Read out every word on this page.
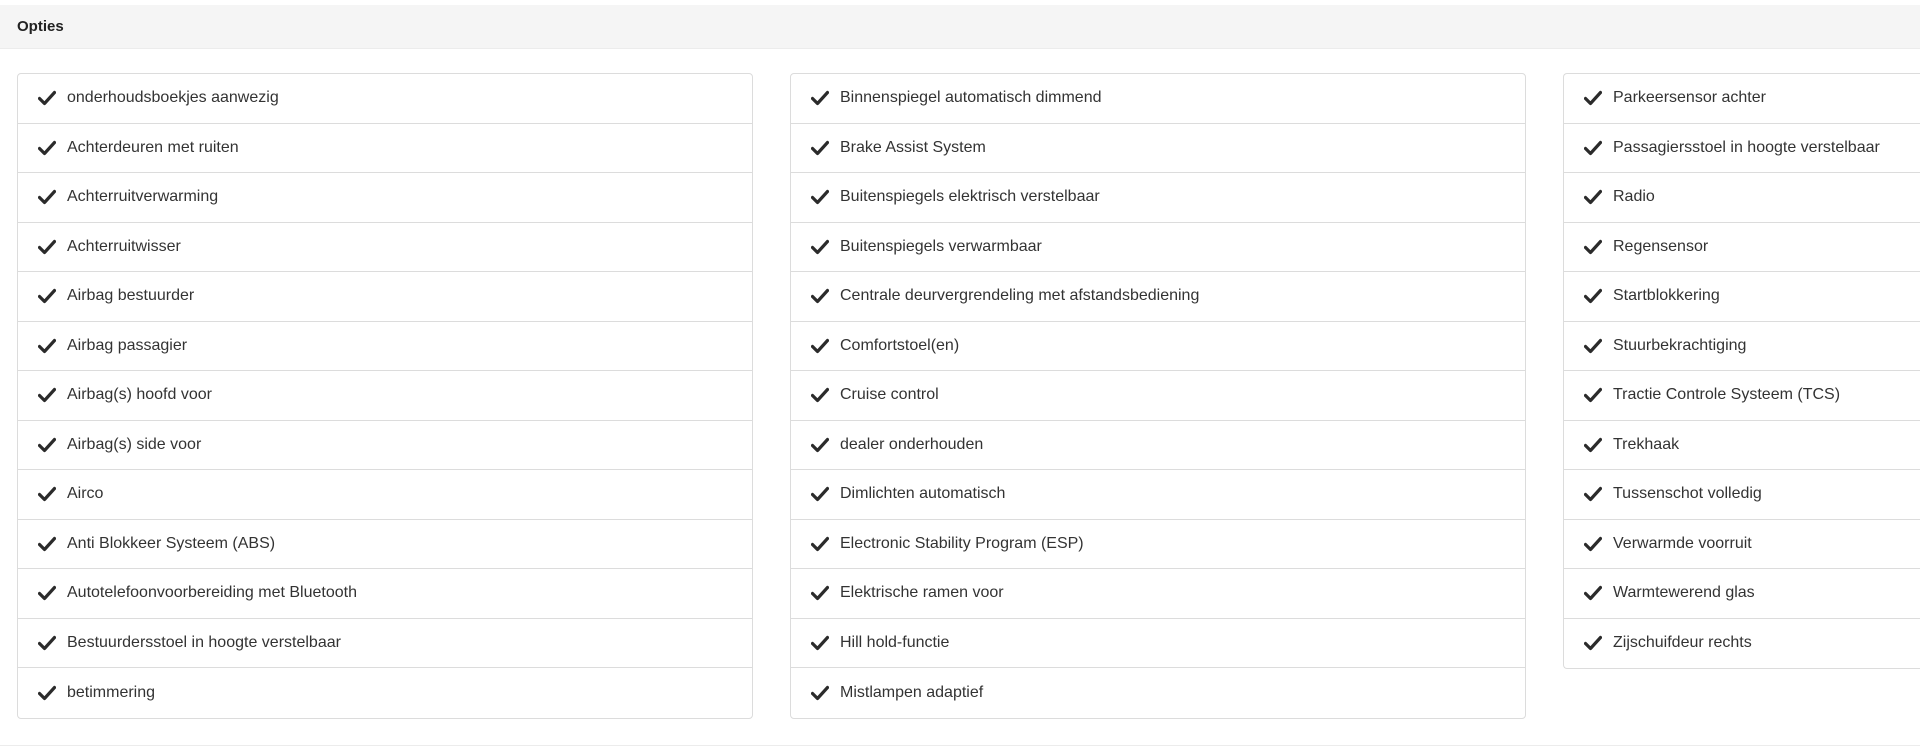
Opties
onderhoudsboekjes aanwezig
Achterdeuren met ruiten
Achterruitverwarming
Achterruitwisser
Airbag bestuurder
Airbag passagier
Airbag(s) hoofd voor
Airbag(s) side voor
Airco
Anti Blokkeer Systeem (ABS)
Autotelefoonvoorbereiding met Bluetooth
Bestuurdersstoel in hoogte verstelbaar
betimmering
Binnenspiegel automatisch dimmend
Brake Assist System
Buitenspiegels elektrisch verstelbaar
Buitenspiegels verwarmbaar
Centrale deurvergrendeling met afstandsbediening
Comfortstoel(en)
Cruise control
dealer onderhouden
Dimlichten automatisch
Electronic Stability Program (ESP)
Elektrische ramen voor
Hill hold-functie
Mistlampen adaptief
Parkeersensor achter
Passagiersstoel in hoogte verstelbaar
Radio
Regensensor
Startblokkering
Stuurbekrachtiging
Tractie Controle Systeem (TCS)
Trekhaak
Tussenschot volledig
Verwarmde voorruit
Warmtewerend glas
Zijschuifdeur rechts
